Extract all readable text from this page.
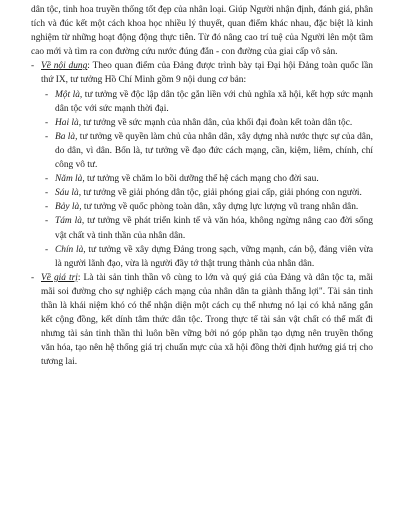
dân tộc, tinh hoa truyền thống tốt đẹp của nhân loại. Giúp Người nhận định, đánh giá, phân tích và đúc kết một cách khoa học nhiều lý thuyết, quan điểm khác nhau, đặc biệt là kinh nghiệm từ những hoạt động động thực tiễn. Từ đó nâng cao trí tuệ của Người lên một tầm cao mới và tìm ra con đường cứu nước đúng đắn - con đường của giai cấp vô sản.

- Về nội dung: Theo quan điểm của Đảng được trình bày tại Đại hội Đảng toàn quốc lần thứ IX, tư tưởng Hồ Chí Minh gồm 9 nội dung cơ bản:

- Một là, tư tưởng về độc lập dân tộc gắn liền với chủ nghĩa xã hội, kết hợp sức mạnh dân tộc với sức mạnh thời đại.

- Hai là, tư tưởng về sức mạnh của nhân dân, của khối đại đoàn kết toàn dân tộc.

- Ba là, tư tưởng về quyền làm chủ của nhân dân, xây dựng nhà nước thực sự của dân, do dân, vì dân. Bốn là, tư tưởng về đạo đức cách mạng, cần, kiệm, liêm, chính, chí công vô tư.

- Năm là, tư tưởng về chăm lo bồi dưỡng thế hệ cách mạng cho đời sau.

- Sáu là, tư tưởng về giải phóng dân tộc, giải phóng giai cấp, giải phóng con người.

- Bảy là, tư tưởng về quốc phòng toàn dân, xây dựng lực lượng vũ trang nhân dân.

- Tám là, tư tưởng về phát triển kinh tế và văn hóa, không ngừng nâng cao đời sống vật chất và tinh thần của nhân dân.

- Chín là, tư tưởng về xây dựng Đảng trong sạch, vững mạnh, cán bộ, đảng viên vừa là người lãnh đạo, vừa là người đầy tớ thật trung thành của nhân dân.

- Về giá trị: Là tài sản tinh thần vô cùng to lớn và quý giá của Đảng và dân tộc ta, mãi mãi soi đường cho sự nghiệp cách mạng của nhân dân ta giành thắng lợi". Tài sản tinh thần là khái niệm khó có thể nhận diện một cách cụ thể nhưng nó lại có khả năng gắn kết cộng đồng, kết dính tâm thức dân tộc. Trong thực tế tài sản vật chất có thể mất đi nhưng tài sản tinh thần thì luôn bền vững bởi nó góp phần tạo dựng nên truyền thống văn hóa, tạo nên hệ thống giá trị chuẩn mực của xã hội đồng thời định hướng giá trị cho tương lai.
